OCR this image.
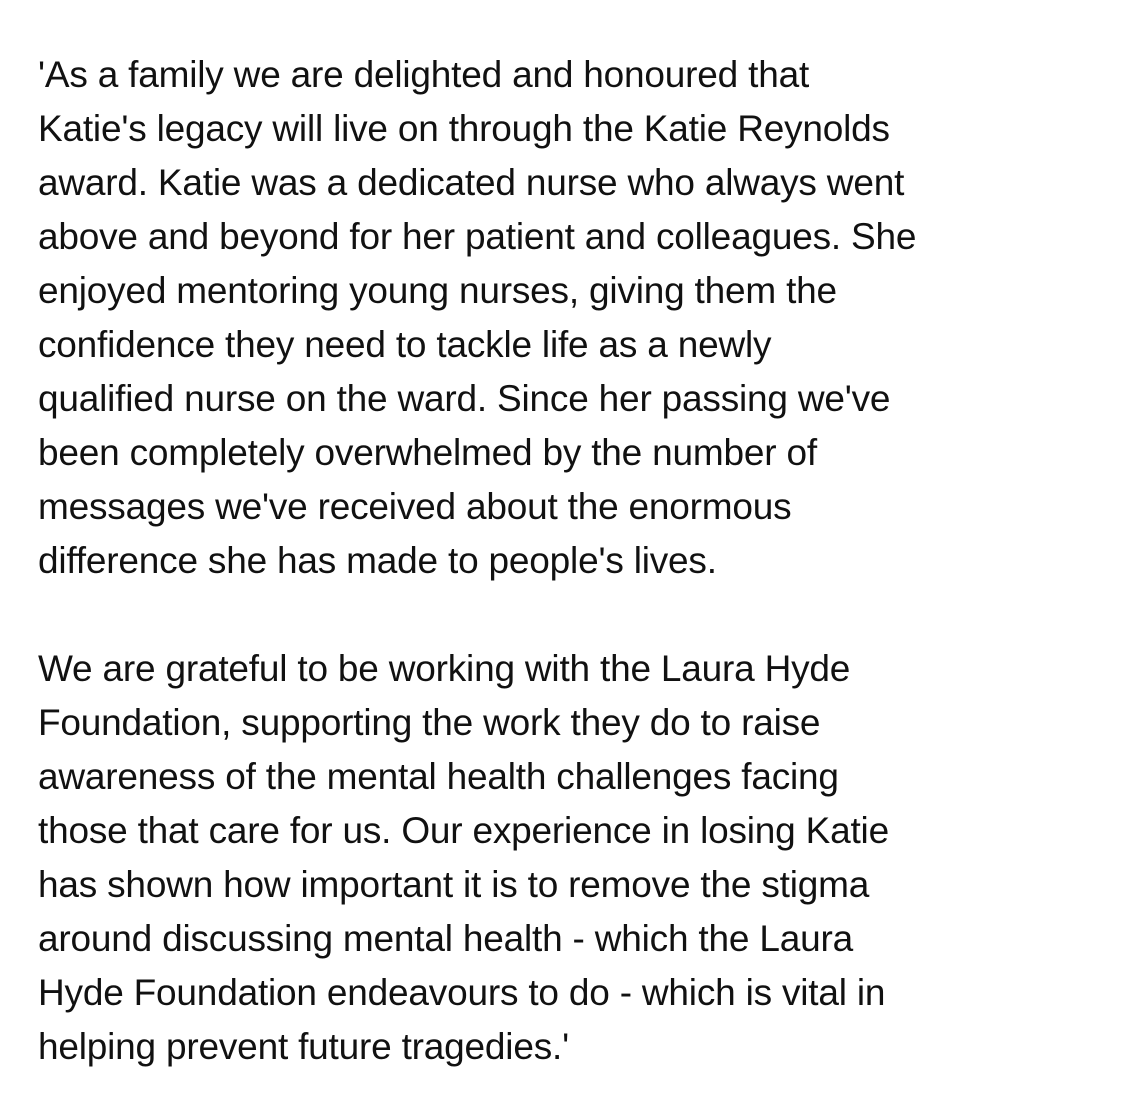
'As a family we are delighted and honoured that
Katie's legacy will live on through the Katie Reynolds
award. Katie was a dedicated nurse who always went
above and beyond for her patient and colleagues. She
enjoyed mentoring young nurses, giving them the
confidence they need to tackle life as a newly
qualified nurse on the ward. Since her passing we've
been completely overwhelmed by the number of
messages we've received about the enormous
difference she has made to people's lives.

We are grateful to be working with the Laura Hyde
Foundation, supporting the work they do to raise
awareness of the mental health challenges facing
those that care for us. Our experience in losing Katie
has shown how important it is to remove the stigma
around discussing mental health - which the Laura
Hyde Foundation endeavours to do - which is vital in
helping prevent future tragedies.'
